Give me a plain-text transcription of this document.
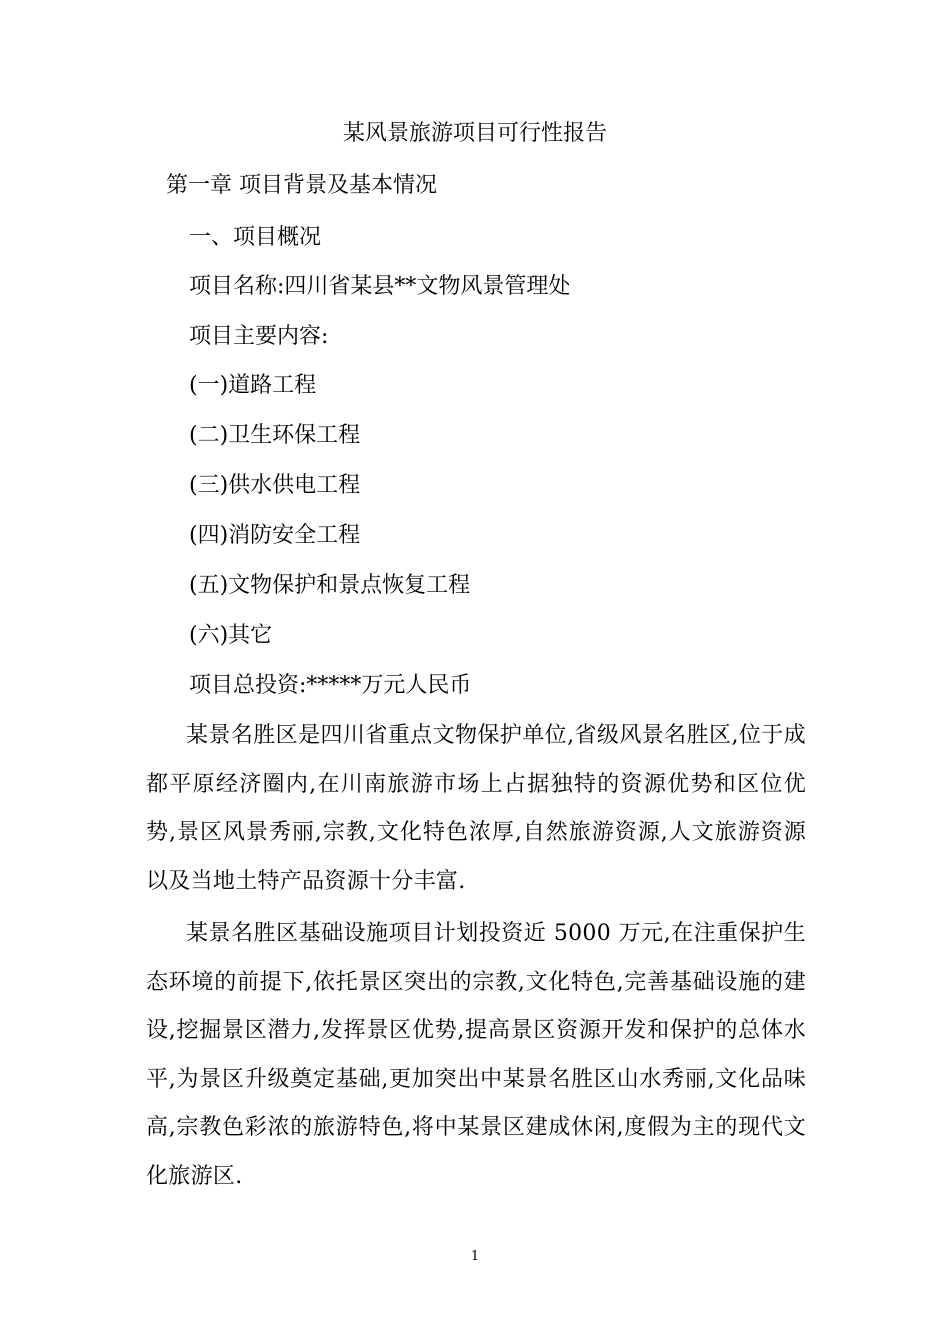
某风景旅游项目可行性报告
第一章 项目背景及基本情况
一、项目概况
项目名称:四川省某县**文物风景管理处
项目主要内容:
(一)道路工程
(二)卫生环保工程
(三)供水供电工程
(四)消防安全工程
(五)文物保护和景点恢复工程
(六)其它
项目总投资:*****万元人民币
某景名胜区是四川省重点文物保护单位,省级风景名胜区,位于成都平原经济圈内,在川南旅游市场上占据独特的资源优势和区位优势,景区风景秀丽,宗教,文化特色浓厚,自然旅游资源,人文旅游资源以及当地土特产品资源十分丰富.
某景名胜区基础设施项目计划投资近 5000 万元,在注重保护生态环境的前提下,依托景区突出的宗教,文化特色,完善基础设施的建设,挖掘景区潜力,发挥景区优势,提高景区资源开发和保护的总体水平,为景区升级奠定基础,更加突出中某景名胜区山水秀丽,文化品味高,宗教色彩浓的旅游特色,将中某景区建成休闲,度假为主的现代文化旅游区.
1
